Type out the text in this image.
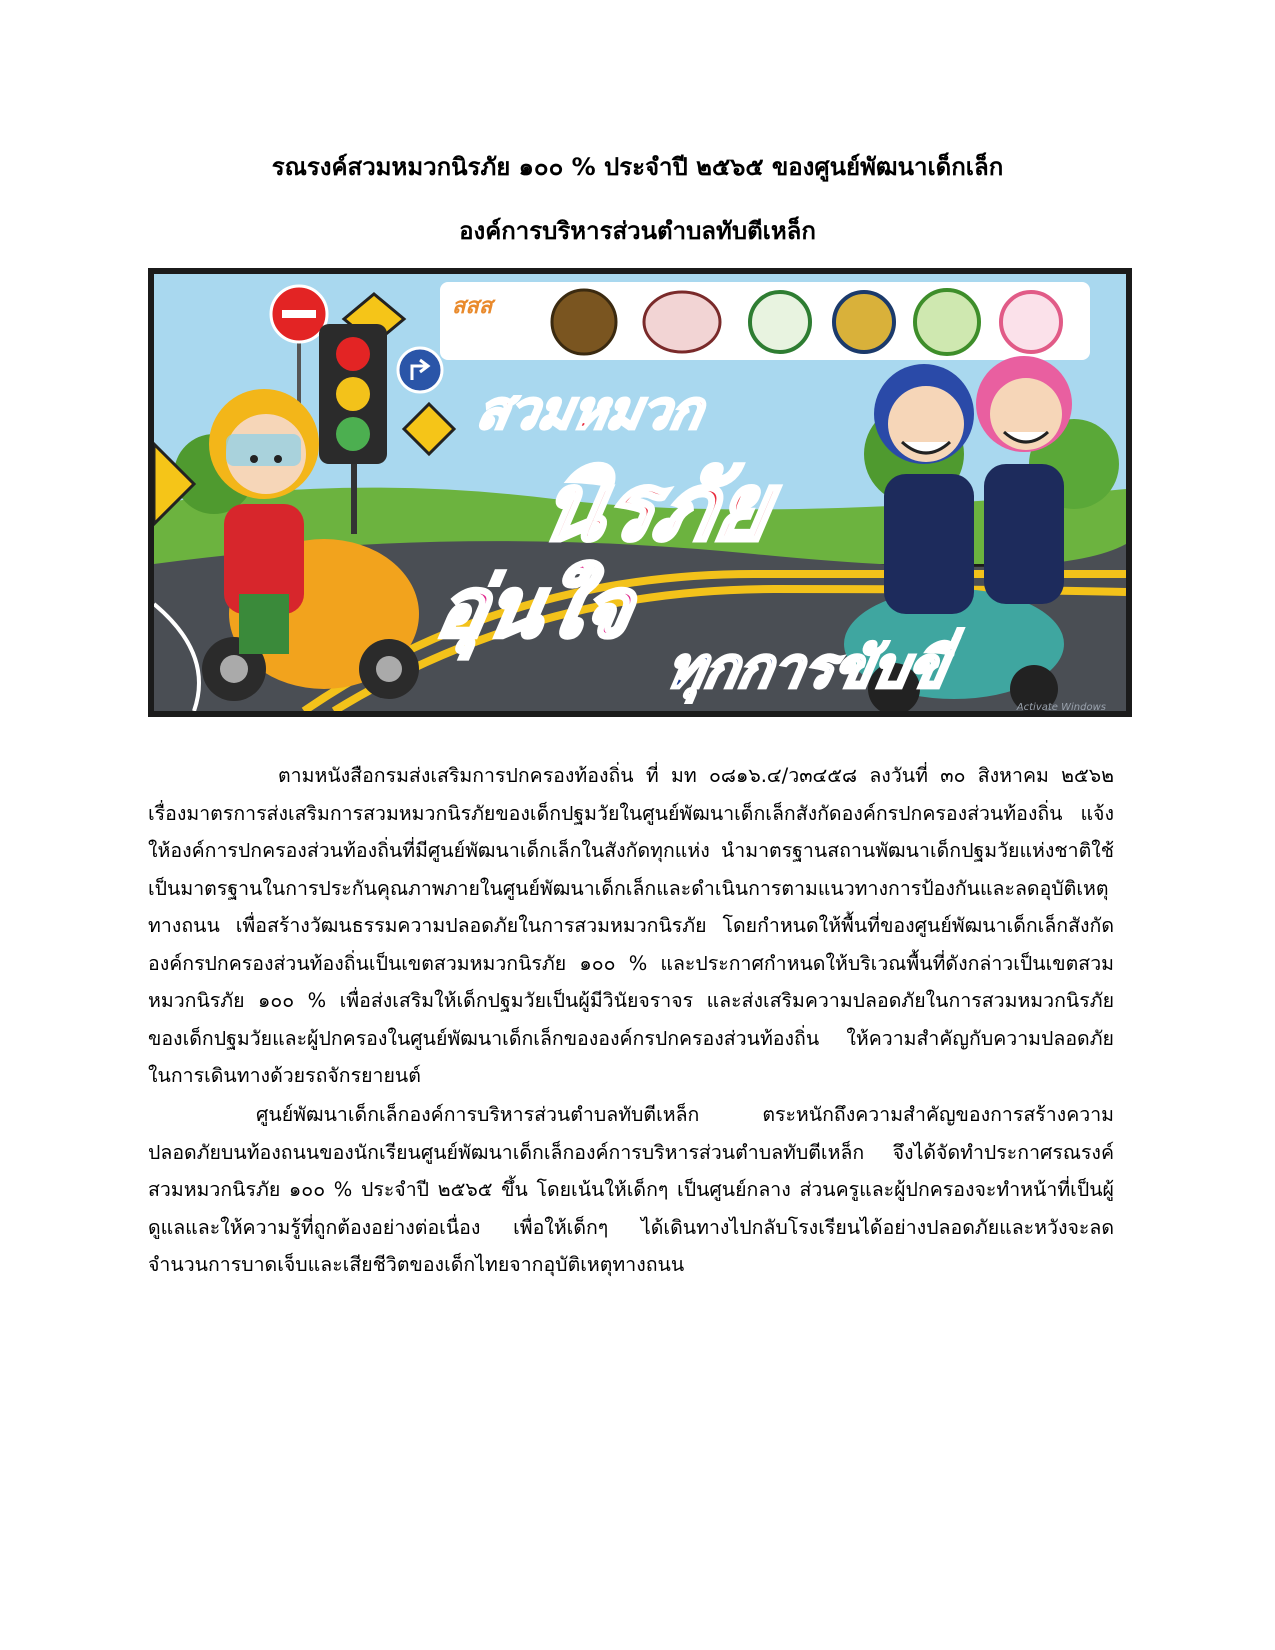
รณรงค์สวมหมวกนิรภัย ๑๐๐ % ประจำปี ๒๕๖๕ ของศูนย์พัฒนาเด็กเล็ก
องค์การบริหารส่วนตำบลทับตีเหล็ก
สสส
สวมหมวก
นิรภัย
อุ่นใจ
ทุกการขับขี่
Activate Windows
ตามหนังสือกรมส่งเสริมการปกครองท้องถิ่น ที่ มท ๐๘๑๖.๔/ว๓๔๕๘ ลงวันที่ ๓๐ สิงหาคม ๒๕๖๒ เรื่องมาตรการส่งเสริมการสวมหมวกนิรภัยของเด็กปฐมวัยในศูนย์พัฒนาเด็กเล็กสังกัดองค์กรปกครองส่วนท้องถิ่น แจ้งให้องค์การปกครองส่วนท้องถิ่นที่มีศูนย์พัฒนาเด็กเล็กในสังกัดทุกแห่ง นำมาตรฐานสถานพัฒนาเด็กปฐมวัยแห่งชาติใช้เป็นมาตรฐานในการประกันคุณภาพภายในศูนย์พัฒนาเด็กเล็กและดำเนินการตามแนวทางการป้องกันและลดอุบัติเหตุทางถนน เพื่อสร้างวัฒนธรรมความปลอดภัยในการสวมหมวกนิรภัย โดยกำหนดให้พื้นที่ของศูนย์พัฒนาเด็กเล็กสังกัดองค์กรปกครองส่วนท้องถิ่นเป็นเขตสวมหมวกนิรภัย ๑๐๐ % และประกาศกำหนดให้บริเวณพื้นที่ดังกล่าวเป็นเขตสวมหมวกนิรภัย ๑๐๐ % เพื่อส่งเสริมให้เด็กปฐมวัยเป็นผู้มีวินัยจราจร และส่งเสริมความปลอดภัยในการสวมหมวกนิรภัยของเด็กปฐมวัยและผู้ปกครองในศูนย์พัฒนาเด็กเล็กขององค์กรปกครองส่วนท้องถิ่น ให้ความสำคัญกับความปลอดภัยในการเดินทางด้วยรถจักรยายนต์
ศูนย์พัฒนาเด็กเล็กองค์การบริหารส่วนตำบลทับตีเหล็ก ตระหนักถึงความสำคัญของการสร้างความปลอดภัยบนท้องถนนของนักเรียนศูนย์พัฒนาเด็กเล็กองค์การบริหารส่วนตำบลทับตีเหล็ก จึงได้จัดทำประกาศรณรงค์สวมหมวกนิรภัย ๑๐๐ % ประจำปี ๒๕๖๕ ขึ้น โดยเน้นให้เด็กๆ เป็นศูนย์กลาง ส่วนครูและผู้ปกครองจะทำหน้าที่เป็นผู้ดูแลและให้ความรู้ที่ถูกต้องอย่างต่อเนื่อง เพื่อให้เด็กๆ ได้เดินทางไปกลับโรงเรียนได้อย่างปลอดภัยและหวังจะลดจำนวนการบาดเจ็บและเสียชีวิตของเด็กไทยจากอุบัติเหตุทางถนน
